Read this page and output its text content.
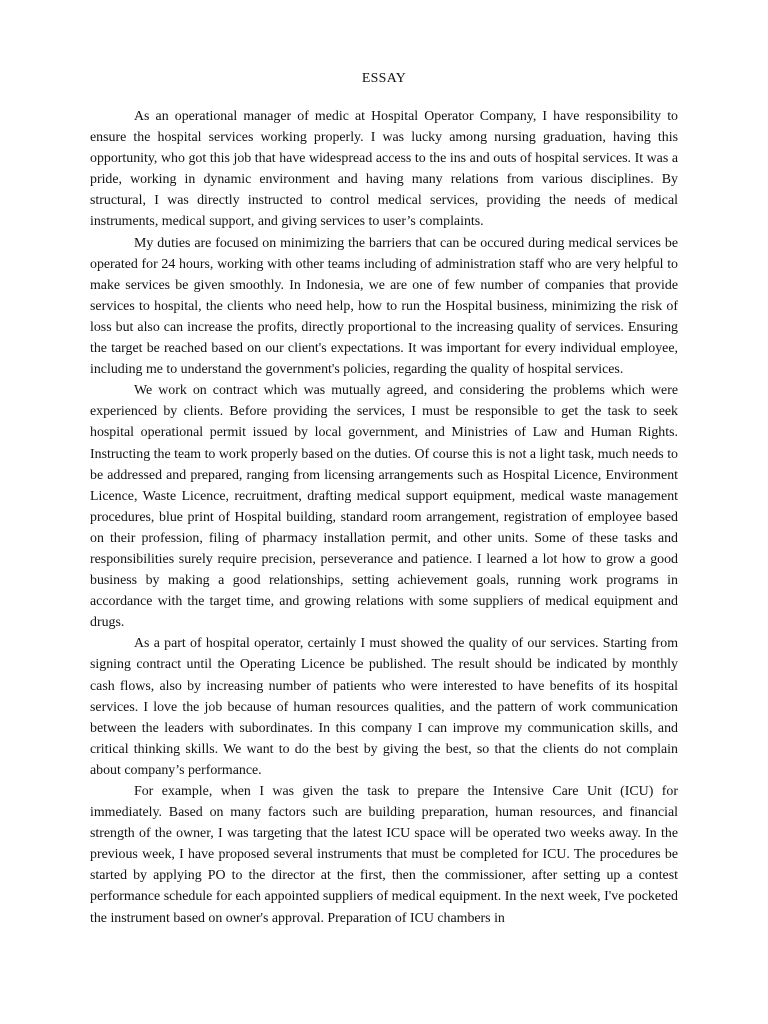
ESSAY

As an operational manager of medic at Hospital Operator Company, I have responsibility to ensure the hospital services working properly. I was lucky among nursing graduation, having this opportunity, who got this job that have widespread access to the ins and outs of hospital services. It was a pride, working in dynamic environment and having many relations from various disciplines. By structural, I was directly instructed to control medical services, providing the needs of medical instruments, medical support, and giving services to user’s complaints.

My duties are focused on minimizing the barriers that can be occured during medical services be operated for 24 hours, working with other teams including of administration staff who are very helpful to make services be given smoothly. In Indonesia, we are one of few number of companies that provide services to hospital, the clients who need help, how to run the Hospital business, minimizing the risk of loss but also can increase the profits, directly proportional to the increasing quality of services. Ensuring the target be reached based on our client's expectations. It was important for every individual employee, including me to understand the government's policies, regarding the quality of hospital services.

We work on contract which was mutually agreed, and considering the problems which were experienced by clients. Before providing the services, I must be responsible to get the task to seek hospital operational permit issued by local government, and Ministries of Law and Human Rights. Instructing the team to work properly based on the duties. Of course this is not a light task, much needs to be addressed and prepared, ranging from licensing arrangements such as Hospital Licence, Environment Licence, Waste Licence, recruitment, drafting medical support equipment, medical waste management procedures, blue print of Hospital building, standard room arrangement, registration of employee based on their profession, filing of pharmacy installation permit, and other units. Some of these tasks and responsibilities surely require precision, perseverance and patience. I learned a lot how to grow a good business by making a good relationships, setting achievement goals, running work programs in accordance with the target time, and growing relations with some suppliers of medical equipment and drugs.

As a part of hospital operator, certainly I must showed the quality of our services. Starting from signing contract until the Operating Licence be published. The result should be indicated by monthly cash flows, also by increasing number of patients who were interested to have benefits of its hospital services. I love the job because of human resources qualities, and the pattern of work communication between the leaders with subordinates. In this company I can improve my communication skills, and critical thinking skills. We want to do the best by giving the best, so that the clients do not complain about company’s performance.

For example, when I was given the task to prepare the Intensive Care Unit (ICU) for immediately. Based on many factors such are building preparation, human resources, and financial strength of the owner, I was targeting that the latest ICU space will be operated two weeks away. In the previous week, I have proposed several instruments that must be completed for ICU. The procedures be started by applying PO to the director at the first, then the commissioner, after setting up a contest performance schedule for each appointed suppliers of medical equipment. In the next week, I've pocketed the instrument based on owner's approval. Preparation of ICU chambers in
